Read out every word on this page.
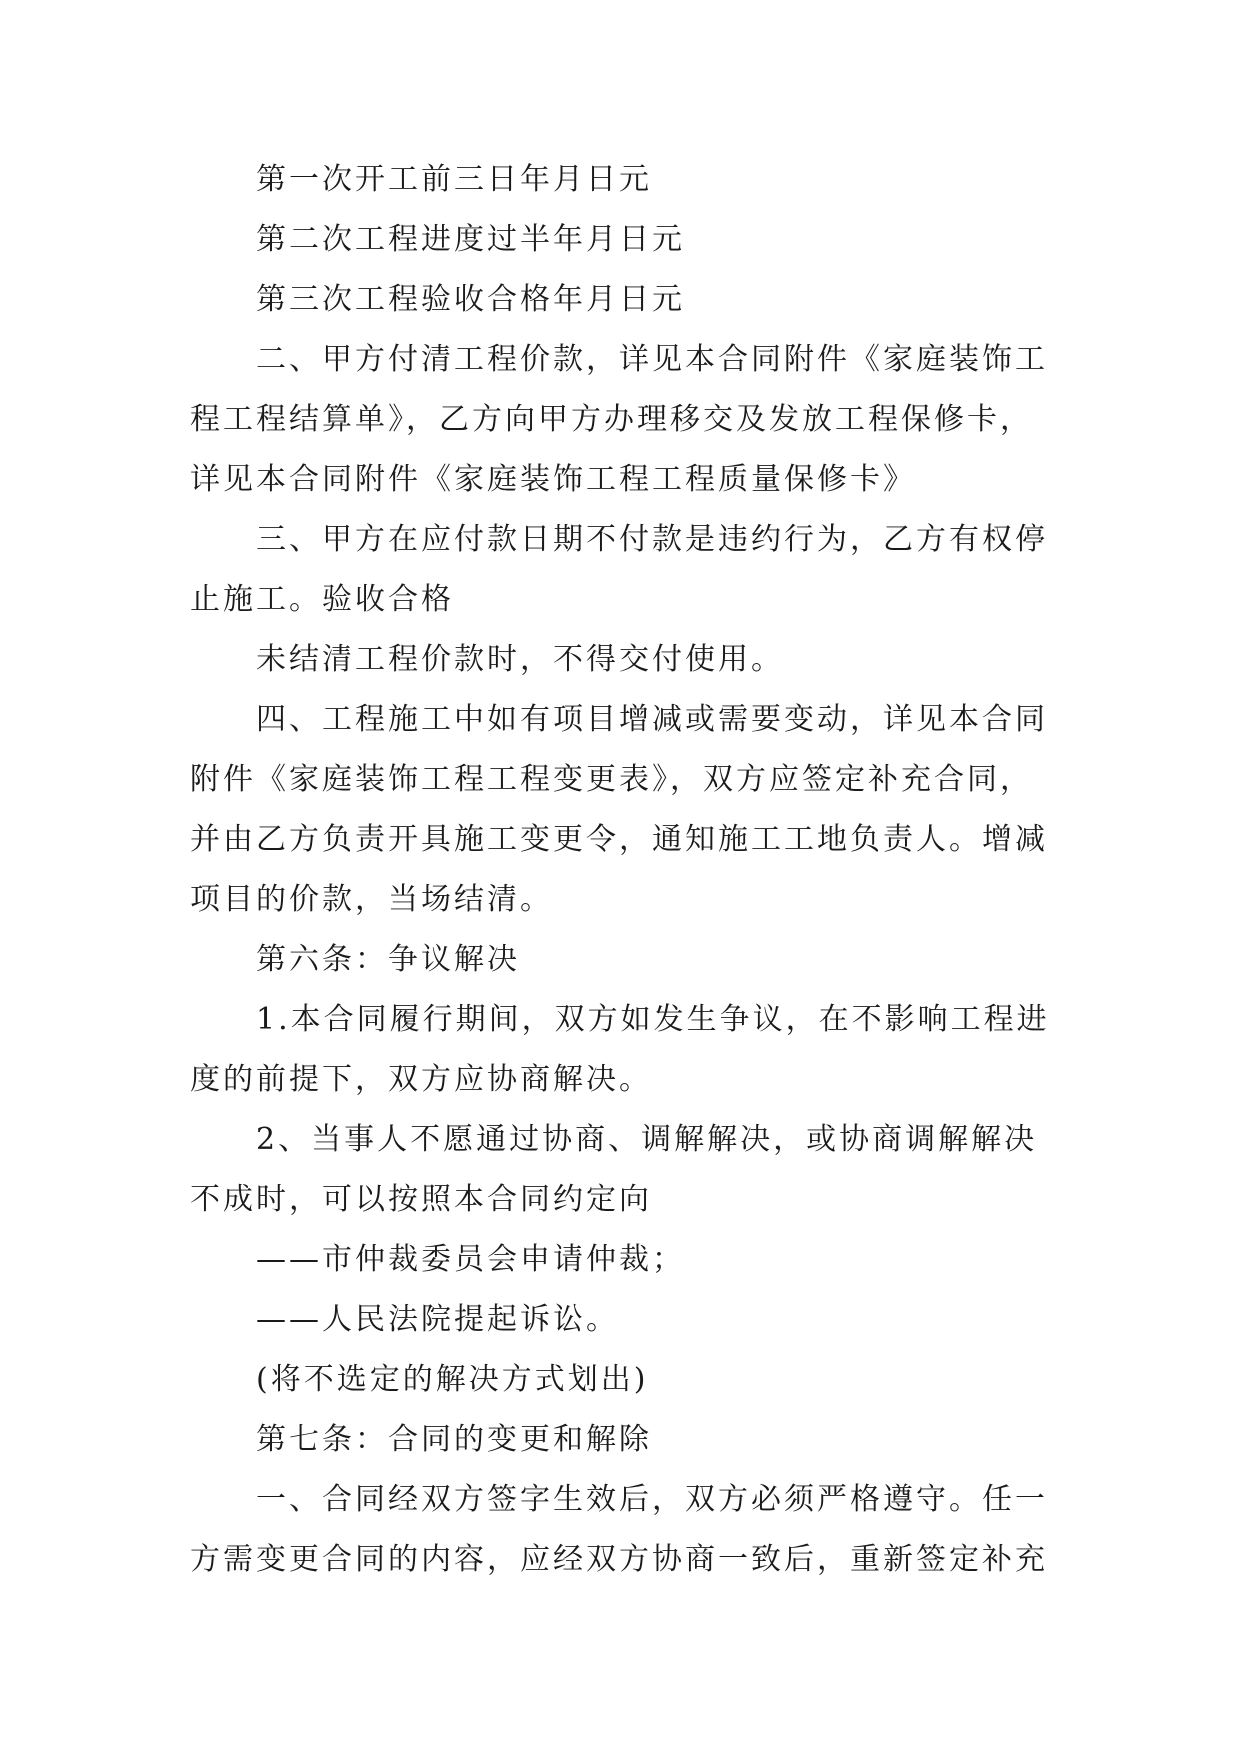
第一次开工前三日年月日元

第二次工程进度过半年月日元

第三次工程验收合格年月日元

二、甲方付清工程价款，详见本合同附件《家庭装饰工程工程结算单》，乙方向甲方办理移交及发放工程保修卡，详见本合同附件《家庭装饰工程工程质量保修卡》

三、甲方在应付款日期不付款是违约行为，乙方有权停止施工。验收合格

未结清工程价款时，不得交付使用。

四、工程施工中如有项目增减或需要变动，详见本合同附件《家庭装饰工程工程变更表》，双方应签定补充合同，并由乙方负责开具施工变更令，通知施工工地负责人。增减项目的价款，当场结清。

第六条：争议解决

1.本合同履行期间，双方如发生争议，在不影响工程进度的前提下，双方应协商解决。

2、当事人不愿通过协商、调解解决，或协商调解解决不成时，可以按照本合同约定向

——市仲裁委员会申请仲裁；

——人民法院提起诉讼。

(将不选定的解决方式划出)

第七条：合同的变更和解除

一、合同经双方签字生效后，双方必须严格遵守。任一方需变更合同的内容，应经双方协商一致后，重新签定补充
